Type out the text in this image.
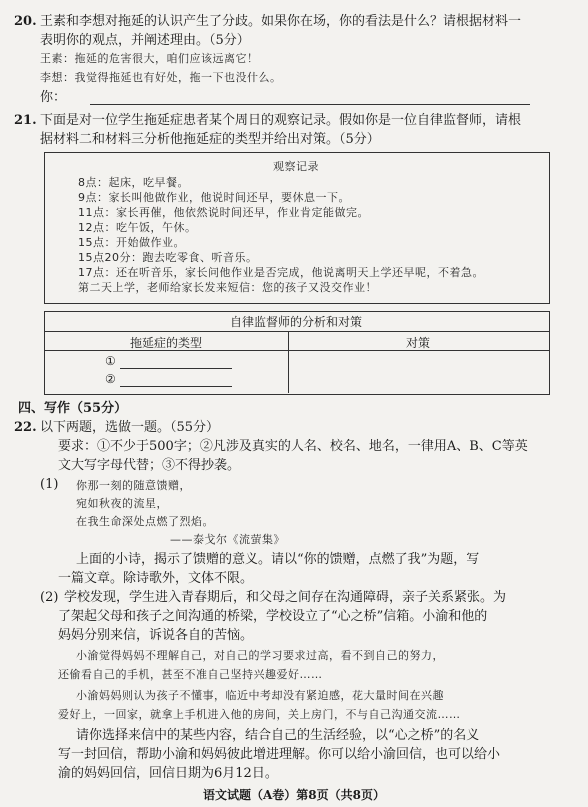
20. 王素和李想对拖延的认识产生了分歧。如果你在场，你的看法是什么？请根据材料一
表明你的观点，并阐述理由。（5分）
王素：拖延的危害很大，咱们应该远离它！
李想：我觉得拖延也有好处，拖一下也没什么。
你：
21. 下面是对一位学生拖延症患者某个周日的观察记录。假如你是一位自律监督师，请根
据材料二和材料三分析他拖延症的类型并给出对策。（5分）
观察记录
8点：起床，吃早餐。
9点：家长叫他做作业，他说时间还早，要休息一下。
11点：家长再催，他依然说时间还早，作业肯定能做完。
12点：吃午饭，午休。
15点：开始做作业。
15点20分：跑去吃零食、听音乐。
17点：还在听音乐，家长问他作业是否完成，他说离明天上学还早呢，不着急。
第二天上学，老师给家长发来短信：您的孩子又没交作业！
自律监督师的分析和对策
拖延症的类型	对策
①
②
四、写作（55分）
22. 以下两题，选做一题。（55分）
要求：①不少于500字；②凡涉及真实的人名、校名、地名，一律用A、B、C等英
文大写字母代替；③不得抄袭。
(1) 你那一刻的随意馈赠，
宛如秋夜的流星，
在我生命深处点燃了烈焰。
——泰戈尔《流萤集》
上面的小诗，揭示了馈赠的意义。请以“你的馈赠，点燃了我”为题，写
一篇文章。除诗歌外，文体不限。
(2) 学校发现，学生进入青春期后，和父母之间存在沟通障碍，亲子关系紧张。为
了架起父母和孩子之间沟通的桥梁，学校设立了“心之桥”信箱。小渝和他的
妈妈分别来信，诉说各自的苦恼。
小渝觉得妈妈不理解自己，对自己的学习要求过高，看不到自己的努力，
还偷看自己的手机，甚至不准自己坚持兴趣爱好……
小渝妈妈则认为孩子不懂事，临近中考却没有紧迫感，花大量时间在兴趣
爱好上，一回家，就拿上手机进入他的房间，关上房门，不与自己沟通交流……
请你选择来信中的某些内容，结合自己的生活经验，以“心之桥”的名义
写一封回信，帮助小渝和妈妈彼此增进理解。你可以给小渝回信，也可以给小
渝的妈妈回信，回信日期为6月12日。
语文试题（A卷）第8页（共8页）
